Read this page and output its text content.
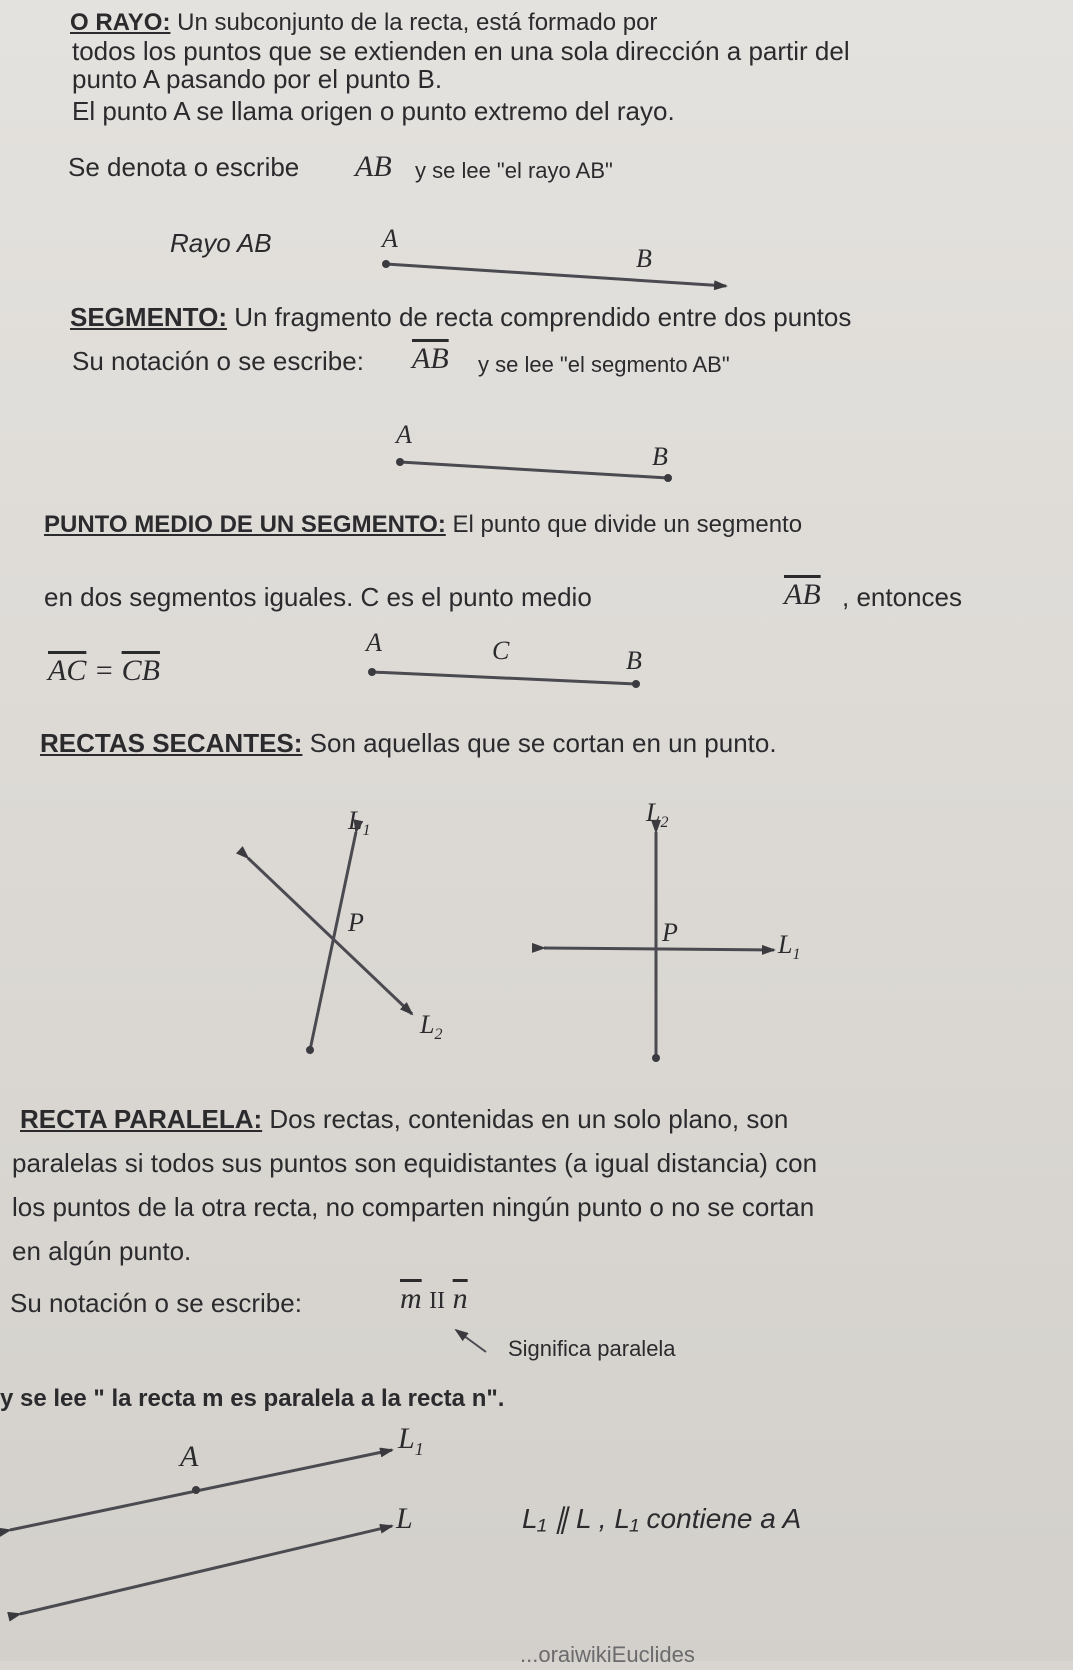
O RAYO: Un subconjunto de la recta, está formado por
todos los puntos que se extienden en una sola dirección a partir del
punto A pasando por el punto B.
El punto A se llama origen o punto extremo del rayo.
Se denota o escribe AB y se lee "el rayo AB"
Rayo AB	A
B
SEGMENTO: Un fragmento de recta comprendido entre dos puntos
Su notación o se escribe: $\overline{AB}$ y se lee "el segmento AB"
A
B
PUNTO MEDIO DE UN SEGMENTO: El punto que divide un segmento
en dos segmentos iguales. C es el punto medio	$\overline{AB}$ , entonces
$\overline{AC} = \overline{CB}$
A	C	B
RECTAS SECANTES: Son aquellas que se cortan en un punto.
$L_1$
P
$L_2$
$L_2$
P	$L_1$
RECTA PARALELA: Dos rectas, contenidas en un solo plano, son
paralelas si todos sus puntos son equidistantes (a igual distancia) con
los puntos de la otra recta, no comparten ningún punto o no se cortan
en algún punto.
Su notación o se escribe:	$\overline{m}$ II $\overline{n}$
Significa paralela
y se lee " la recta m es paralela a la recta n".
A
$L_1$
L	L₁ ∥ L , L₁ contiene a A
...oraiwikiEuclides
